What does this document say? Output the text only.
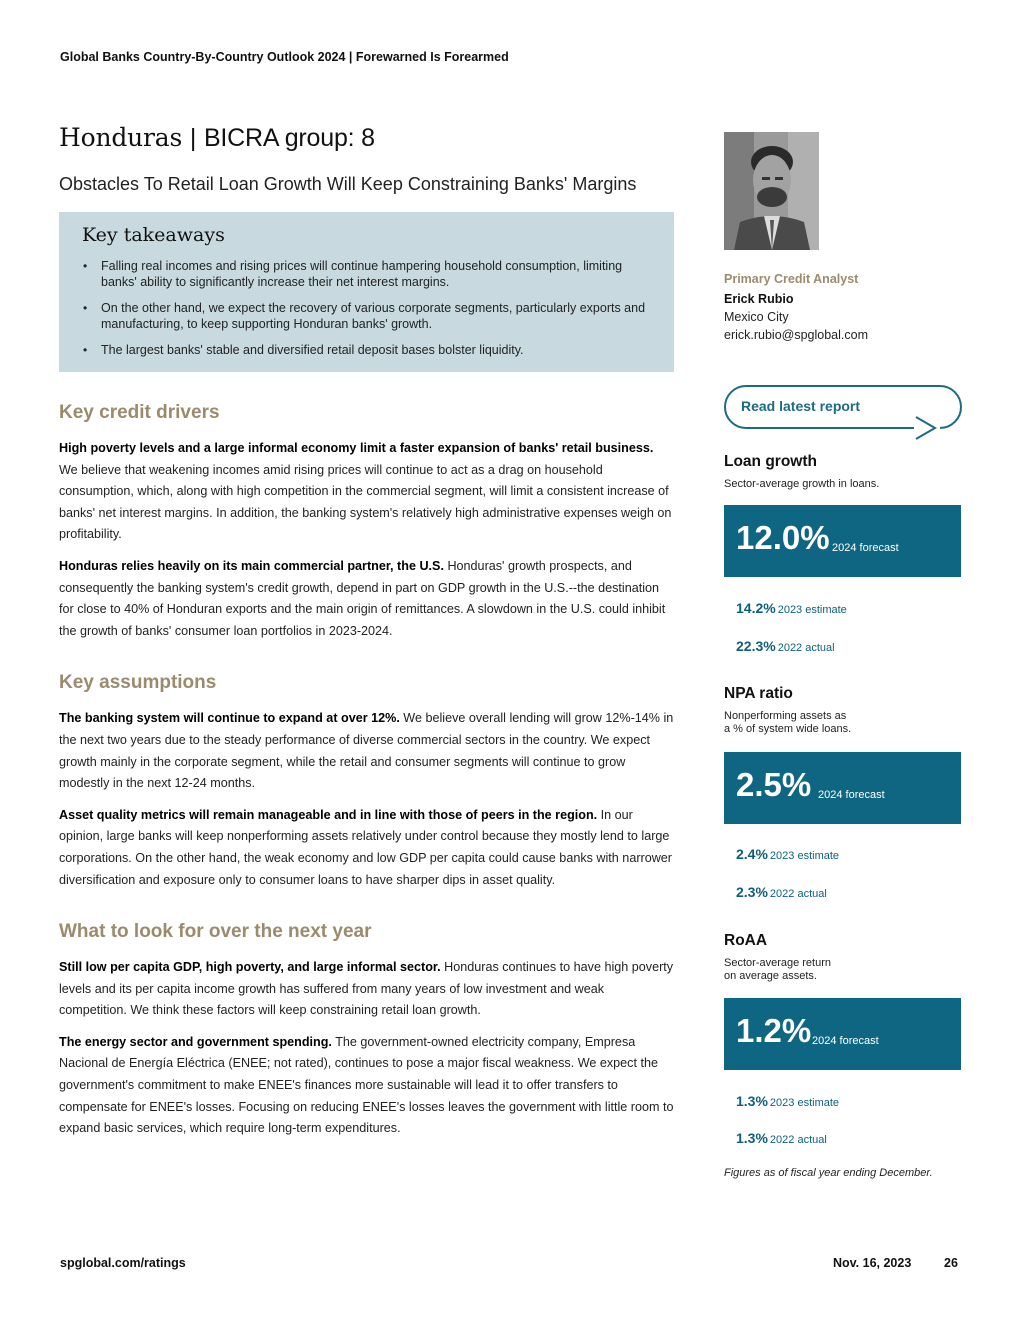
Global Banks Country-By-Country Outlook 2024 | Forewarned Is Forearmed
Honduras | BICRA group: 8
Obstacles To Retail Loan Growth Will Keep Constraining Banks' Margins
Key takeaways
• Falling real incomes and rising prices will continue hampering household consumption, limiting banks' ability to significantly increase their net interest margins.
• On the other hand, we expect the recovery of various corporate segments, particularly exports and manufacturing, to keep supporting Honduran banks' growth.
• The largest banks' stable and diversified retail deposit bases bolster liquidity.
Key credit drivers

High poverty levels and a large informal economy limit a faster expansion of banks' retail business. We believe that weakening incomes amid rising prices will continue to act as a drag on household consumption, which, along with high competition in the commercial segment, will limit a consistent increase of banks' net interest margins. In addition, the banking system's relatively high administrative expenses weigh on profitability.

Honduras relies heavily on its main commercial partner, the U.S. Honduras' growth prospects, and consequently the banking system's credit growth, depend in part on GDP growth in the U.S.--the destination for close to 40% of Honduran exports and the main origin of remittances. A slowdown in the U.S. could inhibit the growth of banks' consumer loan portfolios in 2023-2024.

Key assumptions

The banking system will continue to expand at over 12%. We believe overall lending will grow 12%-14% in the next two years due to the steady performance of diverse commercial sectors in the country. We expect growth mainly in the corporate segment, while the retail and consumer segments will continue to grow modestly in the next 12-24 months.

Asset quality metrics will remain manageable and in line with those of peers in the region. In our opinion, large banks will keep nonperforming assets relatively under control because they mostly lend to large corporations. On the other hand, the weak economy and low GDP per capita could cause banks with narrower diversification and exposure only to consumer loans to have sharper dips in asset quality.

What to look for over the next year

Still low per capita GDP, high poverty, and large informal sector. Honduras continues to have high poverty levels and its per capita income growth has suffered from many years of low investment and weak competition. We think these factors will keep constraining retail loan growth.

The energy sector and government spending. The government-owned electricity company, Empresa Nacional de Energía Eléctrica (ENEE; not rated), continues to pose a major fiscal weakness. We expect the government's commitment to make ENEE's finances more sustainable will lead it to offer transfers to compensate for ENEE's losses. Focusing on reducing ENEE's losses leaves the government with little room to expand basic services, which require long-term expenditures.

Primary Credit Analyst
Erick Rubio
Mexico City
erick.rubio@spglobal.com
Read latest report
Loan growth
Sector-average growth in loans.
12.0% 2024 forecast
14.2% 2023 estimate
22.3% 2022 actual
NPA ratio
Nonperforming assets as
a % of system wide loans.
2.5% 2024 forecast
2.4% 2023 estimate
2.3% 2022 actual
RoAA
Sector-average return
on average assets.
1.2% 2024 forecast
1.3% 2023 estimate
1.3% 2022 actual
Figures as of fiscal year ending December.
spglobal.com/ratings	Nov. 16, 2023	26
